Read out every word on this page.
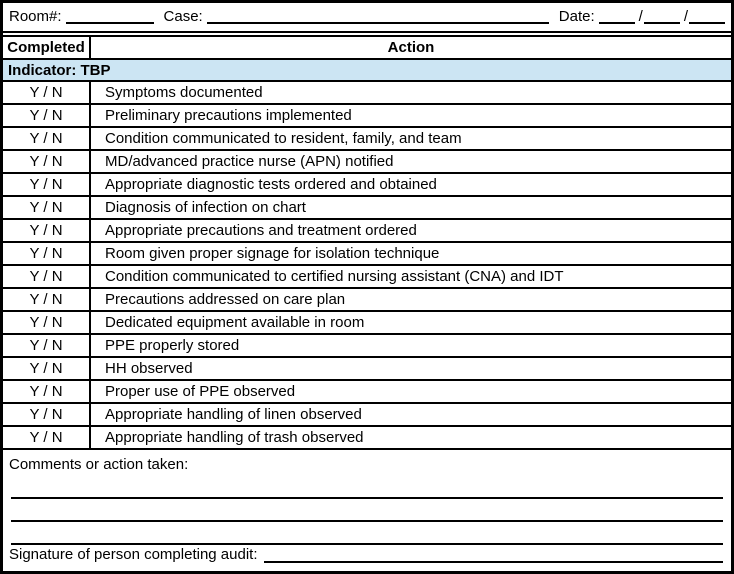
Room#:	Case:	Date:	/	/
Completed	Action
Indicator: TBP
Y / N	Symptoms documented
Y / N	Preliminary precautions implemented
Y / N	Condition communicated to resident, family, and team
Y / N	MD/advanced practice nurse (APN) notified
Y / N	Appropriate diagnostic tests ordered and obtained
Y / N	Diagnosis of infection on chart
Y / N	Appropriate precautions and treatment ordered
Y / N	Room given proper signage for isolation technique
Y / N	Condition communicated to certified nursing assistant (CNA) and IDT
Y / N	Precautions addressed on care plan
Y / N	Dedicated equipment available in room
Y / N	PPE properly stored
Y / N	HH observed
Y / N	Proper use of PPE observed
Y / N	Appropriate handling of linen observed
Y / N	Appropriate handling of trash observed
Comments or action taken:
Signature of person completing audit:
